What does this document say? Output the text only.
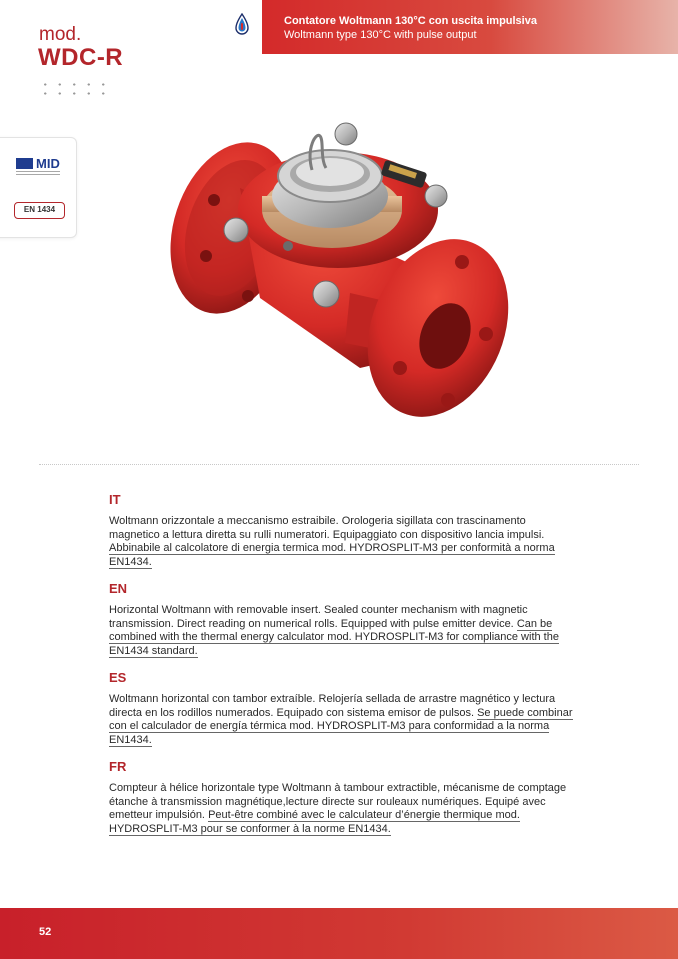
Contatore Woltmann 130°C con uscita impulsiva
Woltmann type 130°C with pulse output
mod.
WDC-R
MID
EN 1434
IT
Woltmann orizzontale a meccanismo estraibile. Orologeria sigillata con trascinamento magnetico a lettura diretta su rulli numeratori. Equipaggiato con dispositivo lancia impulsi. Abbinabile al calcolatore di energia termica mod. HYDROSPLIT-M3 per conformità a norma EN1434.
EN
Horizontal Woltmann with removable insert. Sealed counter mechanism with magnetic transmission. Direct reading on numerical rolls. Equipped with pulse emitter device. Can be combined with the thermal energy calculator mod. HYDROSPLIT-M3 for compliance with the EN1434 standard.
ES
Woltmann horizontal con tambor extraíble. Relojería sellada de arrastre magnético y lectura directa en los rodillos numerados. Equipado con sistema emisor de pulsos. Se puede combinar con el calculador de energía térmica mod. HYDROSPLIT-M3 para conformidad a la norma EN1434.
FR
Compteur à hélice horizontale type Woltmann à tambour extractible, mécanisme de comptage étanche à transmission magnétique,lecture directe sur rouleaux numériques. Equipé avec emetteur impulsión. Peut-être combiné avec le calculateur d’énergie thermique mod. HYDROSPLIT-M3 pour se conformer à la norme EN1434.
52
